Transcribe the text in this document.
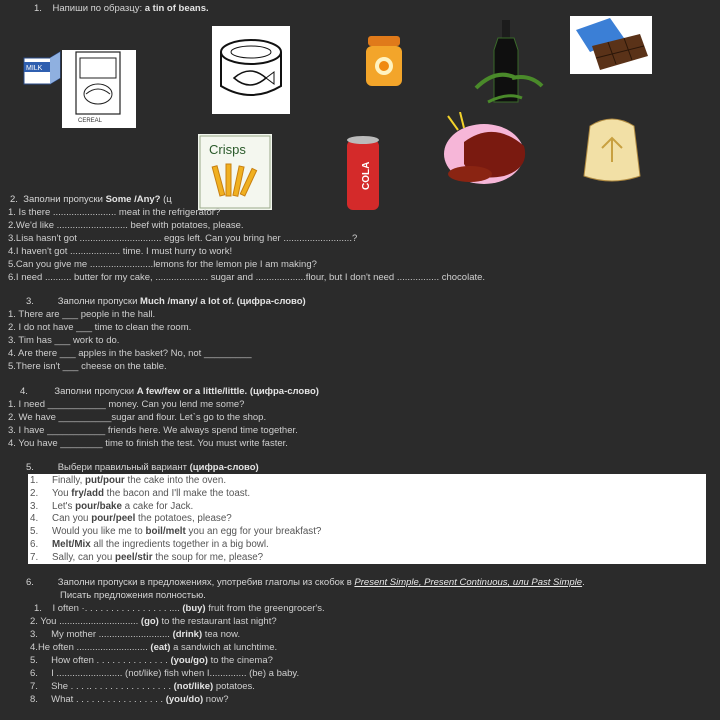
1. Напиши по образцу: a tin of beans.
MILK
CEREAL
Crisps
COLA
2. Заполни пропуски Some /Any? (ц
1. Is there ........................ meat in the refrigerator?
2.We'd like ........................... beef with potatoes, please.
3.Lisa hasn't got ............................... eggs left. Can you bring her ..........................?
4.I haven't got ................... time. I must hurry to work!
5.Can you give me ........................lemons for the lemon pie I am making?
6.I need .......... butter for my cake, .................... sugar and ...................flour, but I don't need ................ chocolate.
3.	Заполни пропуски Much /many/ a lot of. (цифра-слово)
1. There are ___ people in the hall.
2. I do not have ___ time to clean the room.
3. Tim has ___ work to do.
4. Are there ___ apples in the basket? No, not _________
5.There isn't ___ cheese on the table.
4.	Заполни пропуски A few/few or a little/little. (цифра-слово)
1. I need ___________ money. Can you lend me some?
2. We have __________sugar and flour. Let`s go to the shop.
3. I have ___________ friends here. We always spend time together.
4. You have ________ time to finish the test. You must write faster.
5.	Выбери правильный вариант (цифра-слово)
1. Finally, put/pour the cake into the oven.
2. You fry/add the bacon and I'll make the toast.
3. Let's pour/bake a cake for Jack.
4. Can you pour/peel the potatoes, please?
5. Would you like me to boil/melt you an egg for your breakfast?
6. Melt/Mix all the ingredients together in a big bowl.
7. Sally, can you peel/stir the soup for me, please?
6.	Заполни пропуски в предложениях, употребив глаголы из скобок в Present Simple, Present Continuous, или Past Simple.
Писать предложения полностью.
1. I often ·. . . . . . . . . . . . . . . . .... (buy) fruit from the greengrocer's.
2. You .............................. (go) to the restaurant last night?
3. My mother ........................... (drink) tea now.
4.He often ........................... (eat) a sandwich at lunchtime.
5. How often . . . . . . . . . . . . . . (you/go) to the cinema?
6. I ......................... (not/like) fish when I.............. (be) a baby.
7. She . . . .. . . . . . . . . . . . . . . . (not/like) potatoes.
8. What . . . . . . . . . . . . . . . . . (you/do) now?
